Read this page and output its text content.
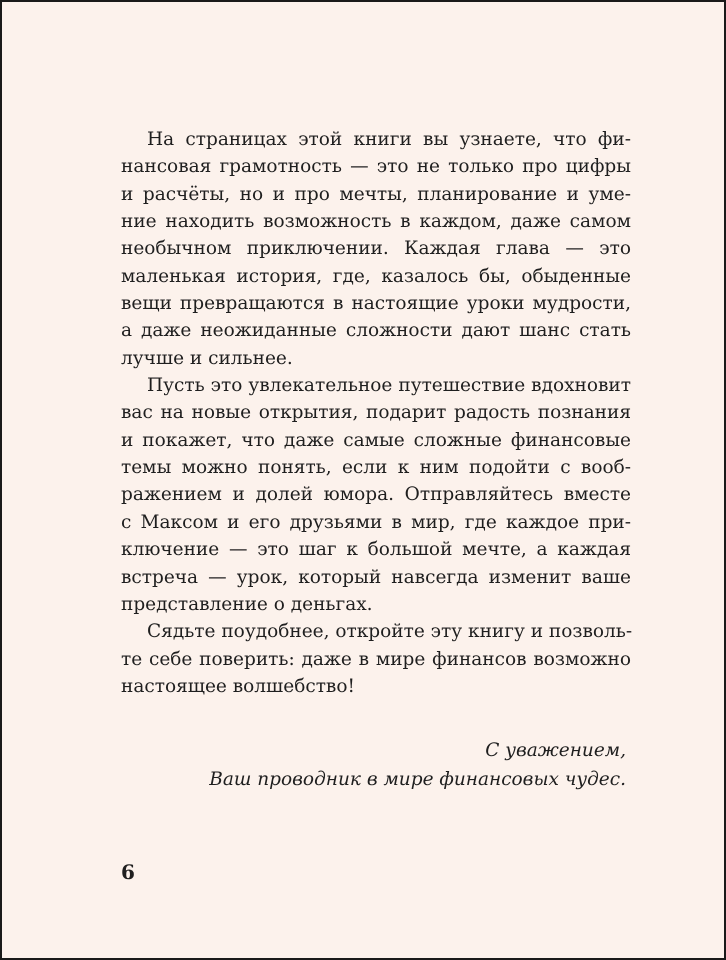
На страницах этой книги вы узнаете, что фи-
нансовая грамотность — это не только про цифры
и расчёты, но и про мечты, планирование и уме-
ние находить возможность в каждом, даже самом
необычном приключении. Каждая глава — это
маленькая история, где, казалось бы, обыденные
вещи превращаются в настоящие уроки мудрости,
а даже неожиданные сложности дают шанс стать
лучше и сильнее.
Пусть это увлекательное путешествие вдохновит
вас на новые открытия, подарит радость познания
и покажет, что даже самые сложные финансовые
темы можно понять, если к ним подойти с вооб-
ражением и долей юмора. Отправляйтесь вместе
с Максом и его друзьями в мир, где каждое при-
ключение — это шаг к большой мечте, а каждая
встреча — урок, который навсегда изменит ваше
представление о деньгах.
Сядьте поудобнее, откройте эту книгу и позволь-
те себе поверить: даже в мире финансов возможно
настоящее волшебство!
С уважением,
Ваш проводник в мире финансовых чудес.
6
